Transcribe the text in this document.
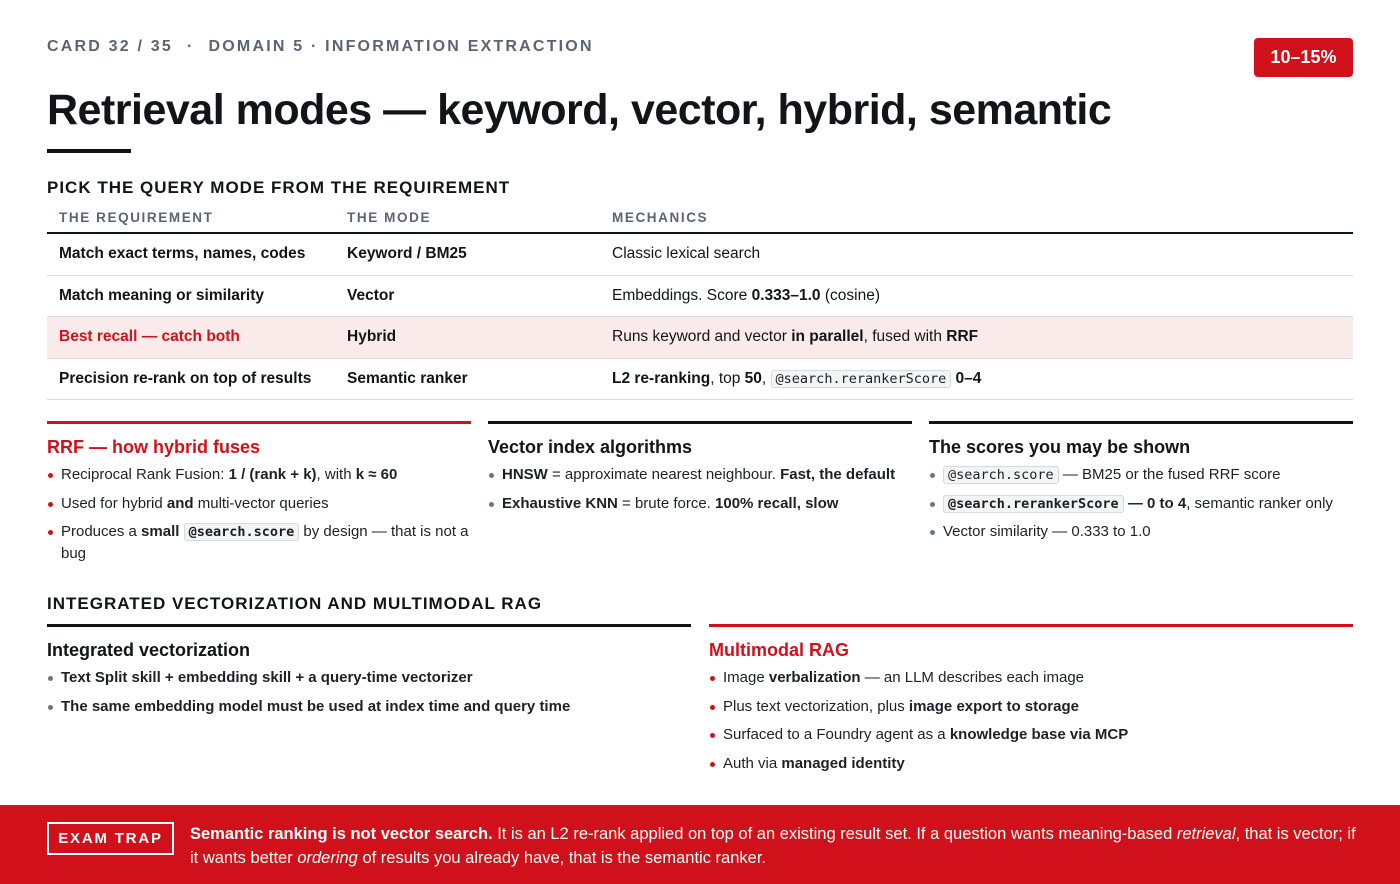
CARD 32 / 35 · DOMAIN 5 · INFORMATION EXTRACTION
10–15%
Retrieval modes — keyword, vector, hybrid, semantic
PICK THE QUERY MODE FROM THE REQUIREMENT
THE REQUIREMENT	THE MODE	MECHANICS
Match exact terms, names, codes	Keyword / BM25	Classic lexical search
Match meaning or similarity	Vector	Embeddings. Score 0.333–1.0 (cosine)
Best recall — catch both	Hybrid	Runs keyword and vector in parallel, fused with RRF
Precision re-rank on top of results	Semantic ranker	L2 re-ranking, top 50, @search.rerankerScore 0–4
RRF — how hybrid fuses
Reciprocal Rank Fusion: 1 / (rank + k), with k ≈ 60
Used for hybrid and multi-vector queries
Produces a small @search.score by design — that is not a bug
Vector index algorithms
HNSW = approximate nearest neighbour. Fast, the default
Exhaustive KNN = brute force. 100% recall, slow
The scores you may be shown
@search.score — BM25 or the fused RRF score
@search.rerankerScore — 0 to 4, semantic ranker only
Vector similarity — 0.333 to 1.0
INTEGRATED VECTORIZATION AND MULTIMODAL RAG
Integrated vectorization
Text Split skill + embedding skill + a query-time vectorizer
The same embedding model must be used at index time and query time
Multimodal RAG
Image verbalization — an LLM describes each image
Plus text vectorization, plus image export to storage
Surfaced to a Foundry agent as a knowledge base via MCP
Auth via managed identity
EXAM TRAP	Semantic ranking is not vector search. It is an L2 re-rank applied on top of an existing result set. If a question wants meaning-based retrieval, that is vector; if it wants better ordering of results you already have, that is the semantic ranker.
